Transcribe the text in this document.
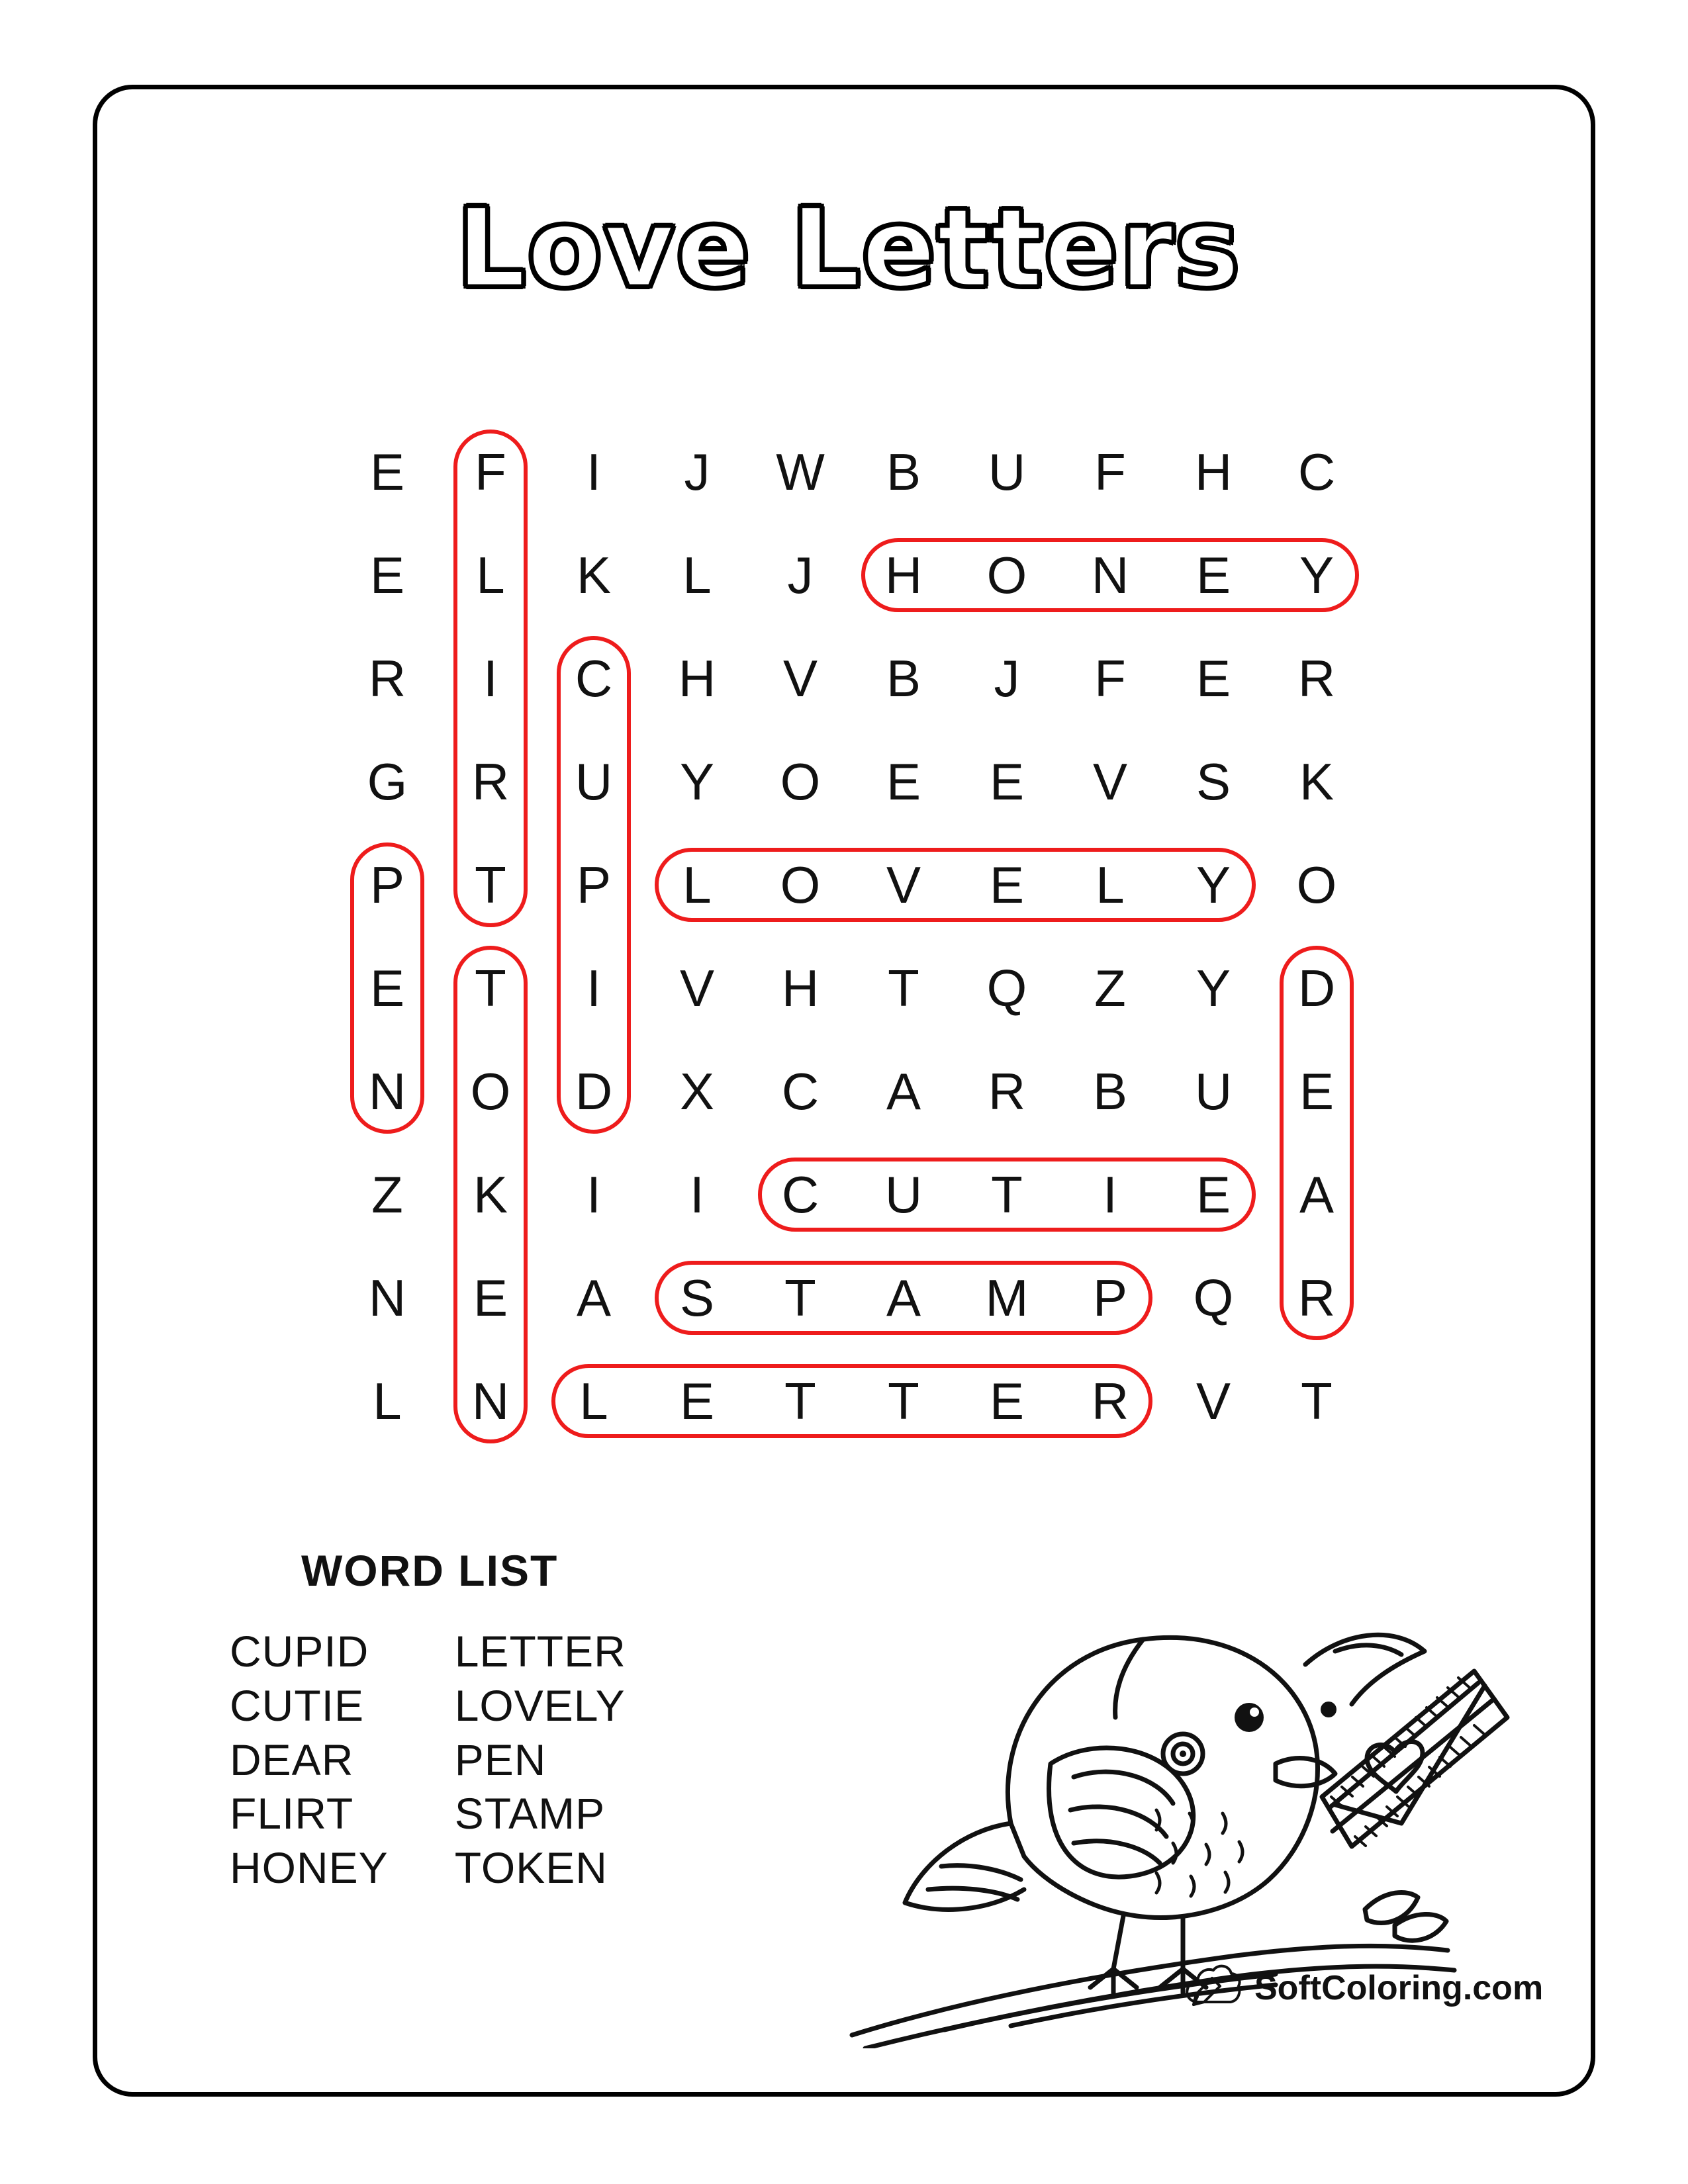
Love Letters
E	F	I	J	W	B	U	F	H	C
E	L	K	L	J	H	O	N	E	Y
R	I	C	H	V	B	J	F	E	R
G	R	U	Y	O	E	E	V	S	K
P	T	P	L	O	V	E	L	Y	O
E	T	I	V	H	T	Q	Z	Y	D
N	O	D	X	C	A	R	B	U	E
Z	K	I	I	C	U	T	I	E	A
N	E	A	S	T	A	M	P	Q	R
L	N	L	E	T	T	E	R	V	T
WORD LIST
CUPID
CUTIE
DEAR
FLIRT
HONEY
LETTER
LOVELY
PEN
STAMP
TOKEN
SoftColoring.com
